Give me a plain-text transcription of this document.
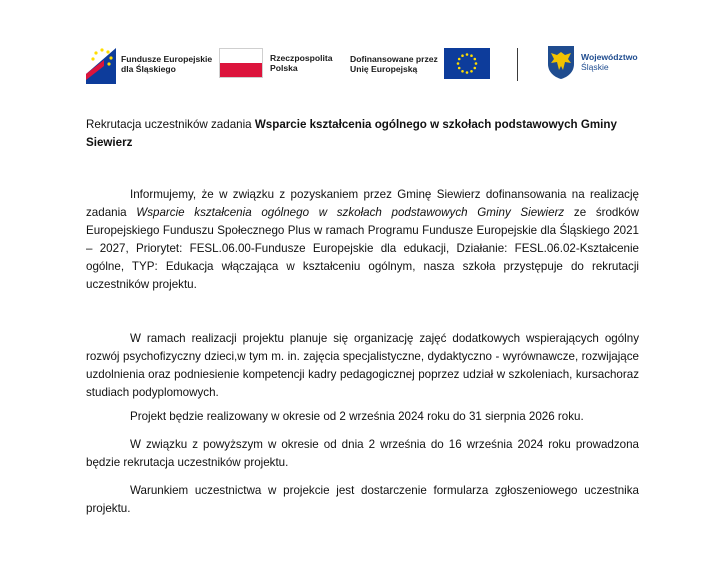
Fundusze Europejskie
dla Śląskiego
Rzeczpospolita
Polska
Dofinansowane przez
Unię Europejską
Województwo
Śląskie
Rekrutacja uczestników zadania Wsparcie kształcenia ogólnego w szkołach podstawowych Gminy Siewierz

Informujemy, że w związku z pozyskaniem przez Gminę Siewierz dofinansowania na realizację zadania Wsparcie kształcenia ogólnego w szkołach podstawowych Gminy Siewierz ze środków Europejskiego Funduszu Społecznego Plus w ramach Programu Fundusze Europejskie dla Śląskiego 2021 – 2027, Priorytet: FESL.06.00-Fundusze Europejskie dla edukacji, Działanie: FESL.06.02-Kształcenie ogólne, TYP: Edukacja włączająca w kształceniu ogólnym, nasza szkoła przystępuje do rekrutacji uczestników projektu.

W ramach realizacji projektu planuje się organizację zajęć dodatkowych wspierających ogólny rozwój psychofizyczny dzieci,w tym m. in. zajęcia specjalistyczne, dydaktyczno - wyrównawcze, rozwijające uzdolnienia oraz podniesienie kompetencji kadry pedagogicznej poprzez udział w szkoleniach, kursachoraz studiach podyplomowych.

Projekt będzie realizowany w okresie od 2 września 2024 roku do 31 sierpnia 2026 roku.

W związku z powyższym w okresie od dnia 2 września do 16 września 2024 roku prowadzona będzie rekrutacja uczestników projektu.

Warunkiem uczestnictwa w projekcie jest dostarczenie formularza zgłoszeniowego uczestnika projektu.
